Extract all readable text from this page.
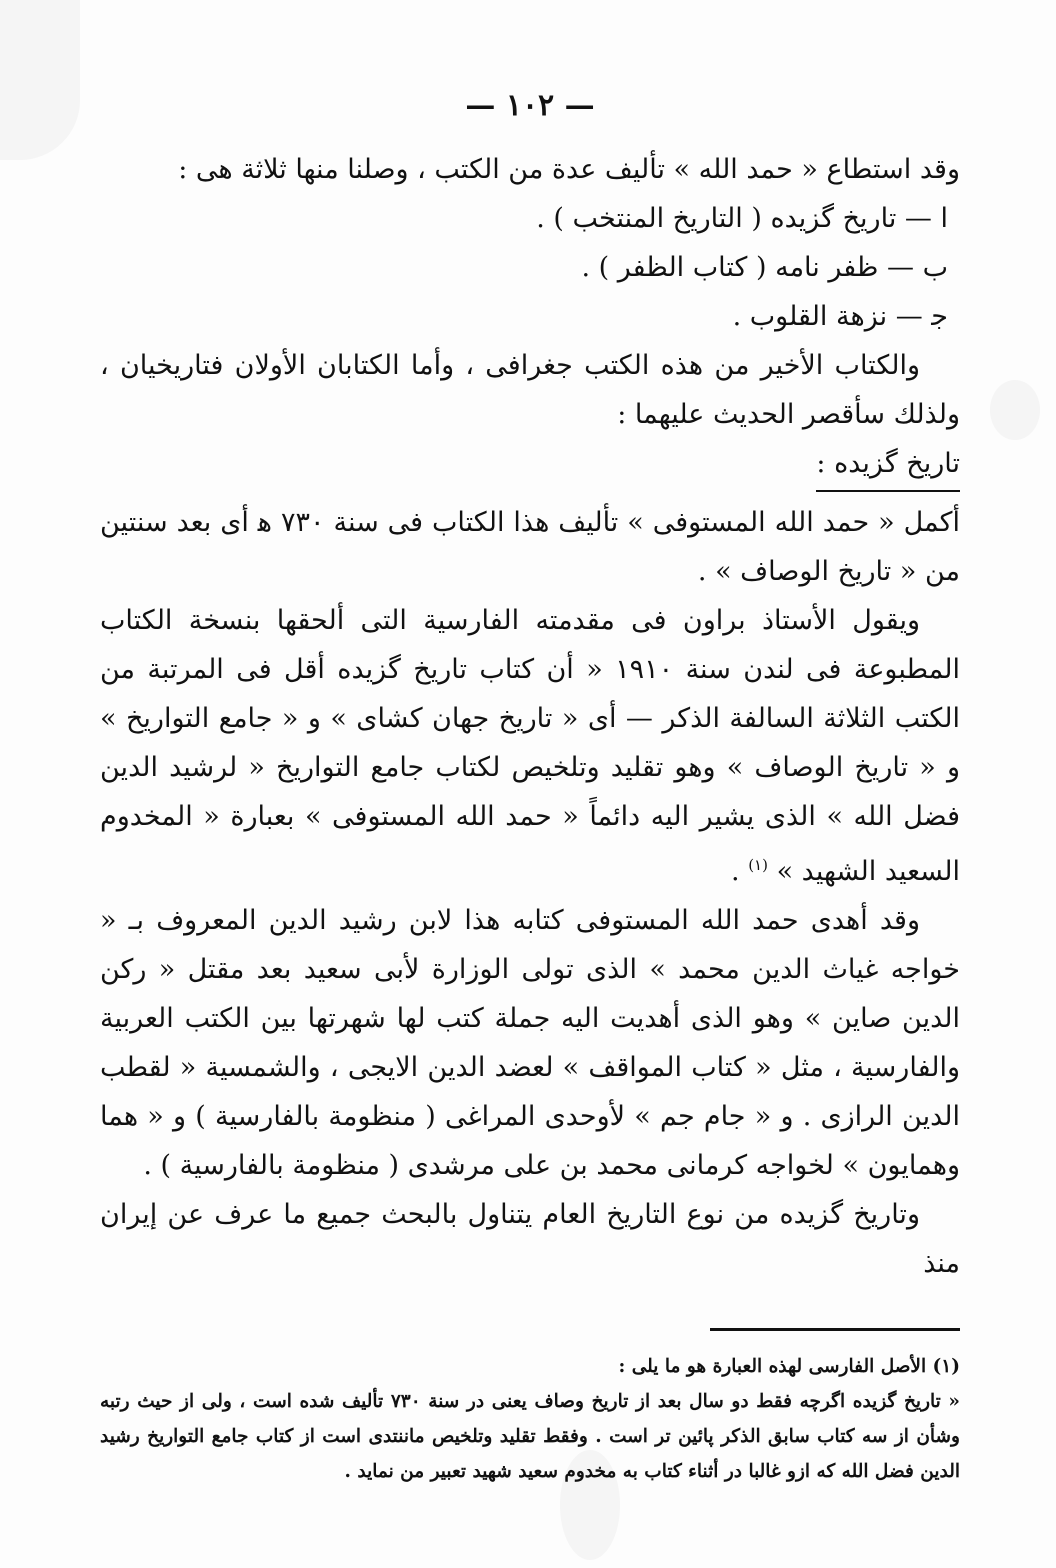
— ١٠٢ —

وقد استطاع « حمد الله » تأليف عدة من الكتب ، وصلنا منها ثلاثة هى :

ا — تاريخ گزيده ( التاريخ المنتخب ) .

ب — ظفر نامه ( كتاب الظفر ) .

ﺟ — نزهة القلوب .

والكتاب الأخير من هذه الكتب جغرافى ، وأما الكتابان الأولان فتاريخيان ، ولذلك سأقصر الحديث عليهما :

تاريخ گزيده :

أكمل « حمد الله المستوفى » تأليف هذا الكتاب فى سنة ٧٣٠ ﻫ أى بعد سنتين من « تاريخ الوصاف » .

ويقول الأستاذ براون فى مقدمته الفارسية التى ألحقها بنسخة الكتاب المطبوعة فى لندن سنة ١٩١٠ « أن كتاب تاريخ گزيده أقل فى المرتبة من الكتب الثلاثة السالفة الذكر — أى « تاريخ جهان كشاى » و « جامع التواريخ » و « تاريخ الوصاف » وهو تقليد وتلخيص لكتاب جامع التواريخ « لرشيد الدين فضل الله » الذى يشير اليه دائماً « حمد الله المستوفى » بعبارة « المخدوم السعيد الشهيد » $^{(١)}$ .

وقد أهدى حمد الله المستوفى كتابه هذا لابن رشيد الدين المعروف بـ « خواجه غياث الدين محمد » الذى تولى الوزارة لأبى سعيد بعد مقتل « ركن الدين صاين » وهو الذى أهديت اليه جملة كتب لها شهرتها بين الكتب العربية والفارسية ، مثل « كتاب المواقف » لعضد الدين الايجى ، والشمسية « لقطب الدين الرازى . و « جام جم » لأوحدى المراغى ( منظومة بالفارسية ) و « هما وهمايون » لخواجه كرمانى محمد بن على مرشدى ( منظومة بالفارسية ) .

وتاريخ گزيده من نوع التاريخ العام يتناول بالبحث جميع ما عرف عن إيران منذ

(١) الأصل الفارسى لهذه العبارة هو ما يلى :

« تاريخ گزيده اگرچه فقط دو سال بعد از تاريخ وصاف يعنى در سنة ٧٣٠ تأليف شده است ، ولى از حيث رتبه وشأن از سه كتاب سابق الذكر پائين تر است . وفقط تقليد وتلخيص ماننتدى است از كتاب جامع التواريخ رشيد الدين فضل الله كه ازو غالبا در أثناء كتاب به مخدوم سعيد شهيد تعبير من نمايد .
